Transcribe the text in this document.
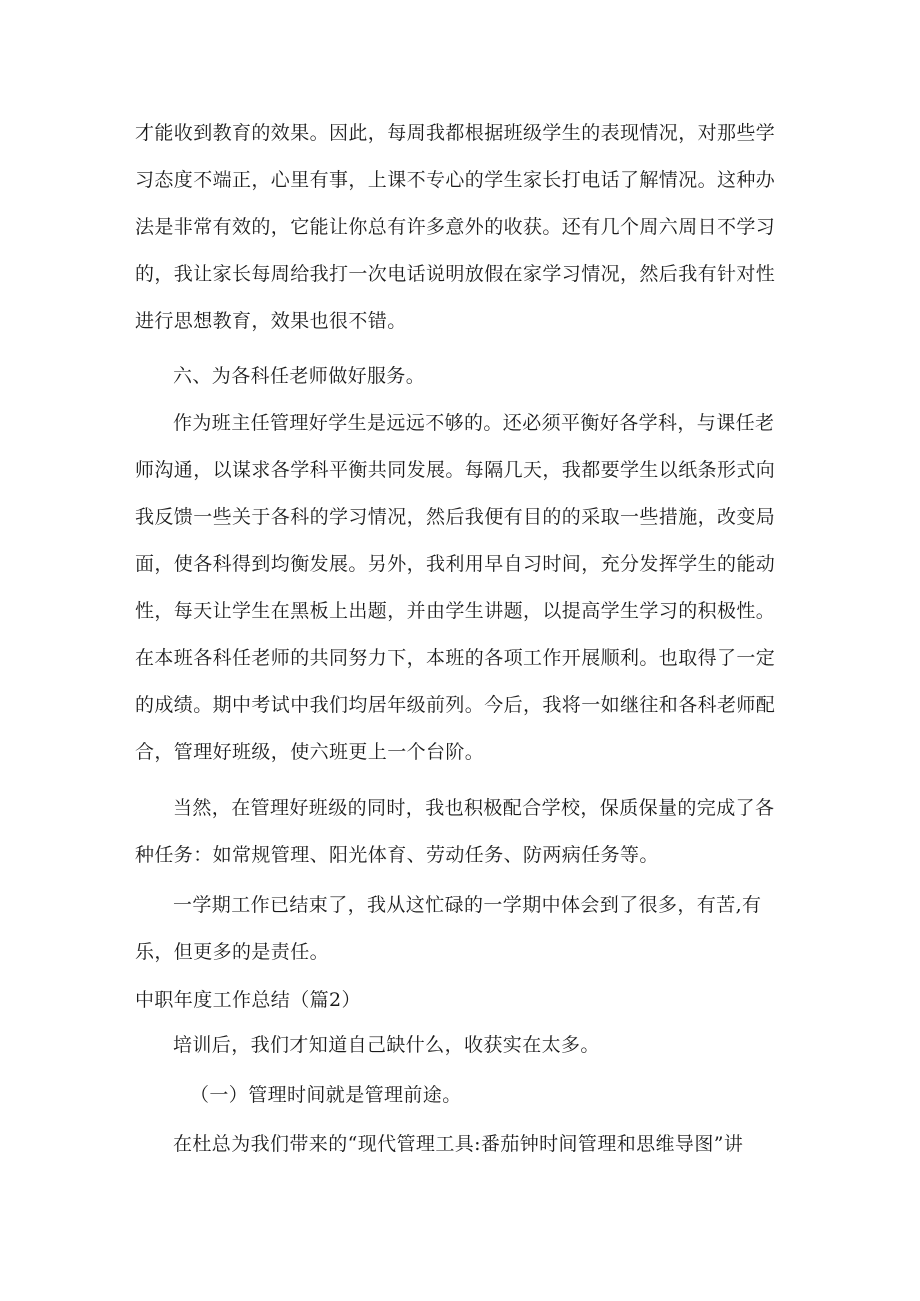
才能收到教育的效果。因此，每周我都根据班级学生的表现情况，对那些学
习态度不端正，心里有事，上课不专心的学生家长打电话了解情况。这种办
法是非常有效的，它能让你总有许多意外的收获。还有几个周六周日不学习
的，我让家长每周给我打一次电话说明放假在家学习情况，然后我有针对性
进行思想教育，效果也很不错。
六、为各科任老师做好服务。
作为班主任管理好学生是远远不够的。还必须平衡好各学科，与课任老
师沟通，以谋求各学科平衡共同发展。每隔几天，我都要学生以纸条形式向
我反馈一些关于各科的学习情况，然后我便有目的的采取一些措施，改变局
面，使各科得到均衡发展。另外，我利用早自习时间，充分发挥学生的能动
性，每天让学生在黑板上出题，并由学生讲题，以提高学生学习的积极性。
在本班各科任老师的共同努力下，本班的各项工作开展顺利。也取得了一定
的成绩。期中考试中我们均居年级前列。今后，我将一如继往和各科老师配
合，管理好班级，使六班更上一个台阶。
当然，在管理好班级的同时，我也积极配合学校，保质保量的完成了各
种任务：如常规管理、阳光体育、劳动任务、防两病任务等。
一学期工作已结束了，我从这忙碌的一学期中体会到了很多，有苦,有
乐，但更多的是责任。
中职年度工作总结（篇2）
培训后，我们才知道自己缺什么，收获实在太多。
（一）管理时间就是管理前途。
在杜总为我们带来的“现代管理工具:番茄钟时间管理和思维导图”讲
